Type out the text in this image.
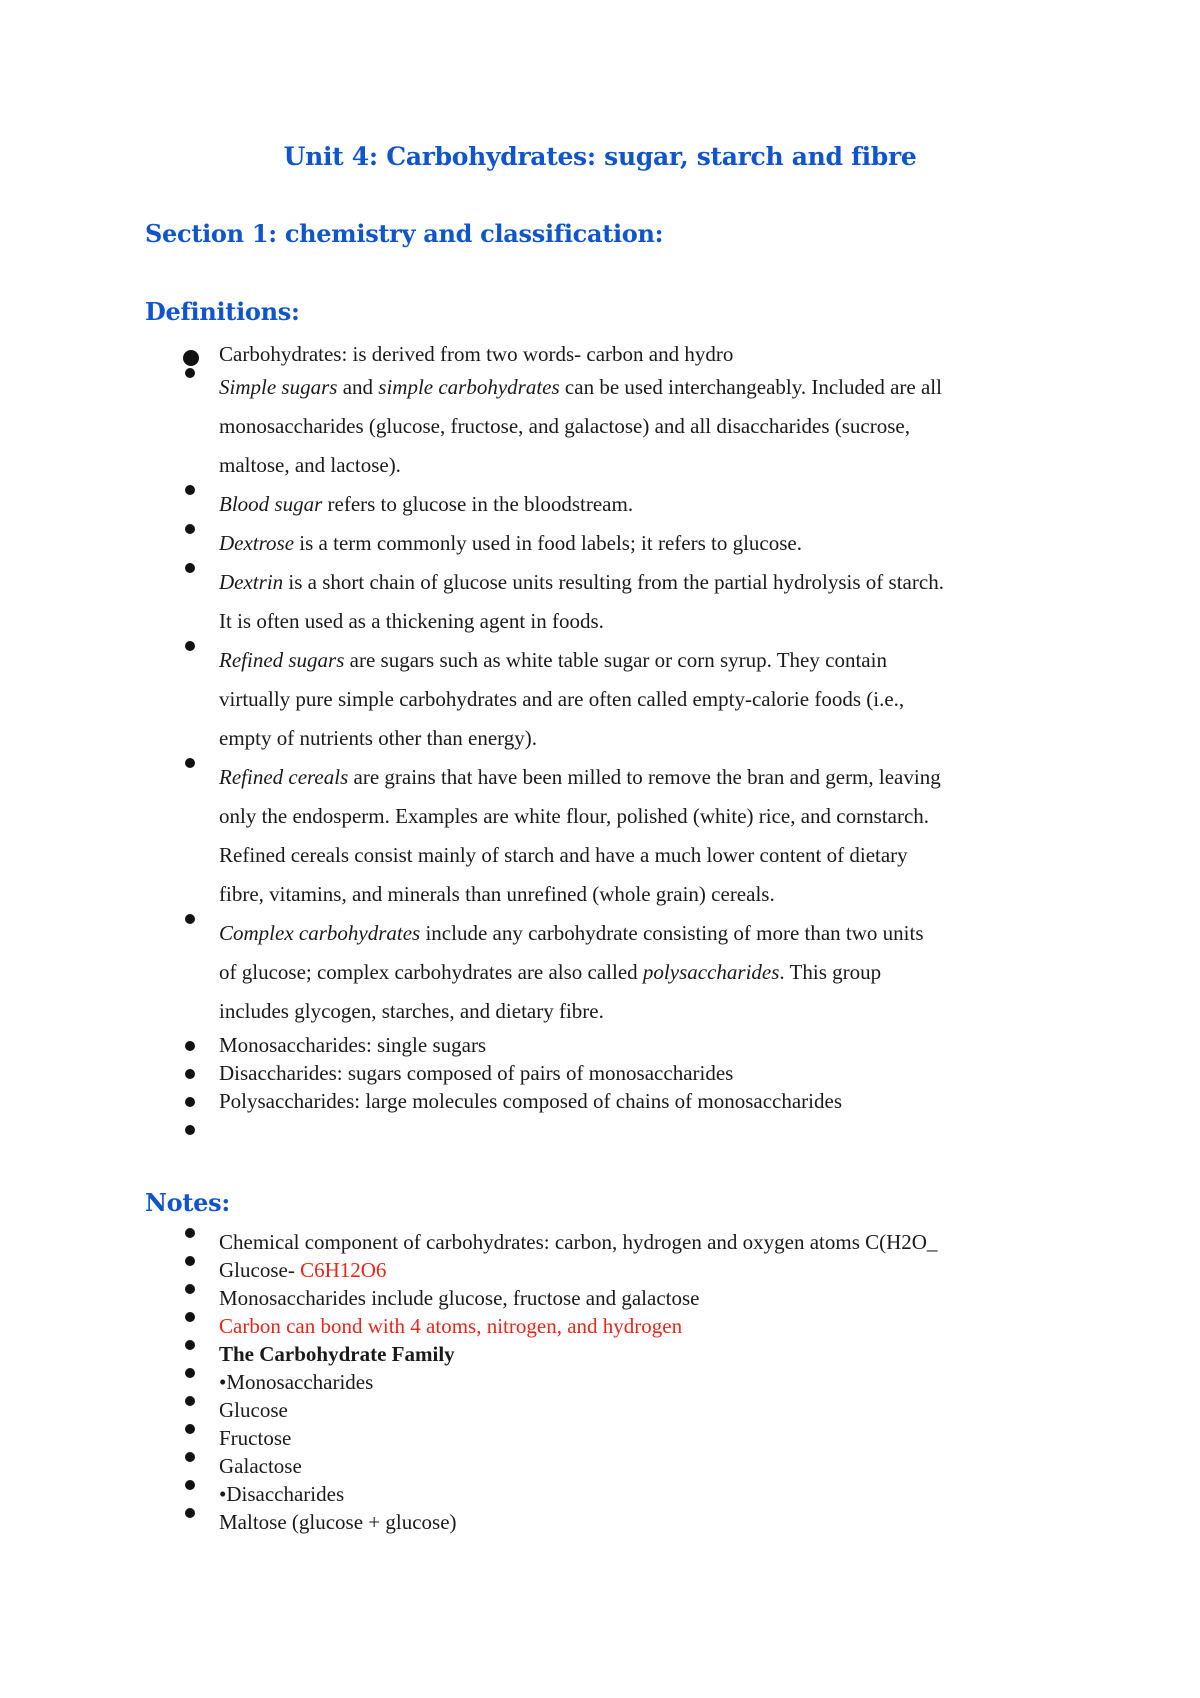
Unit 4: Carbohydrates: sugar, starch and fibre
Section 1: chemistry and classification:
Definitions:
Carbohydrates: is derived from two words- carbon and hydro
Simple sugars and simple carbohydrates can be used interchangeably. Included are all
monosaccharides (glucose, fructose, and galactose) and all disaccharides (sucrose,
maltose, and lactose).
Blood sugar refers to glucose in the bloodstream.
Dextrose is a term commonly used in food labels; it refers to glucose.
Dextrin is a short chain of glucose units resulting from the partial hydrolysis of starch.
It is often used as a thickening agent in foods.
Refined sugars are sugars such as white table sugar or corn syrup. They contain
virtually pure simple carbohydrates and are often called empty-calorie foods (i.e.,
empty of nutrients other than energy).
Refined cereals are grains that have been milled to remove the bran and germ, leaving
only the endosperm. Examples are white flour, polished (white) rice, and cornstarch.
Refined cereals consist mainly of starch and have a much lower content of dietary
fibre, vitamins, and minerals than unrefined (whole grain) cereals.
Complex carbohydrates include any carbohydrate consisting of more than two units
of glucose; complex carbohydrates are also called polysaccharides. This group
includes glycogen, starches, and dietary fibre.
Monosaccharides: single sugars
Disaccharides: sugars composed of pairs of monosaccharides
Polysaccharides: large molecules composed of chains of monosaccharides

Notes:
Chemical component of carbohydrates: carbon, hydrogen and oxygen atoms C(H2O_
Glucose- C6H12O6
Monosaccharides include glucose, fructose and galactose
Carbon can bond with 4 atoms, nitrogen, and hydrogen
The Carbohydrate Family
•Monosaccharides
Glucose
Fructose
Galactose
•Disaccharides
Maltose (glucose + glucose)
